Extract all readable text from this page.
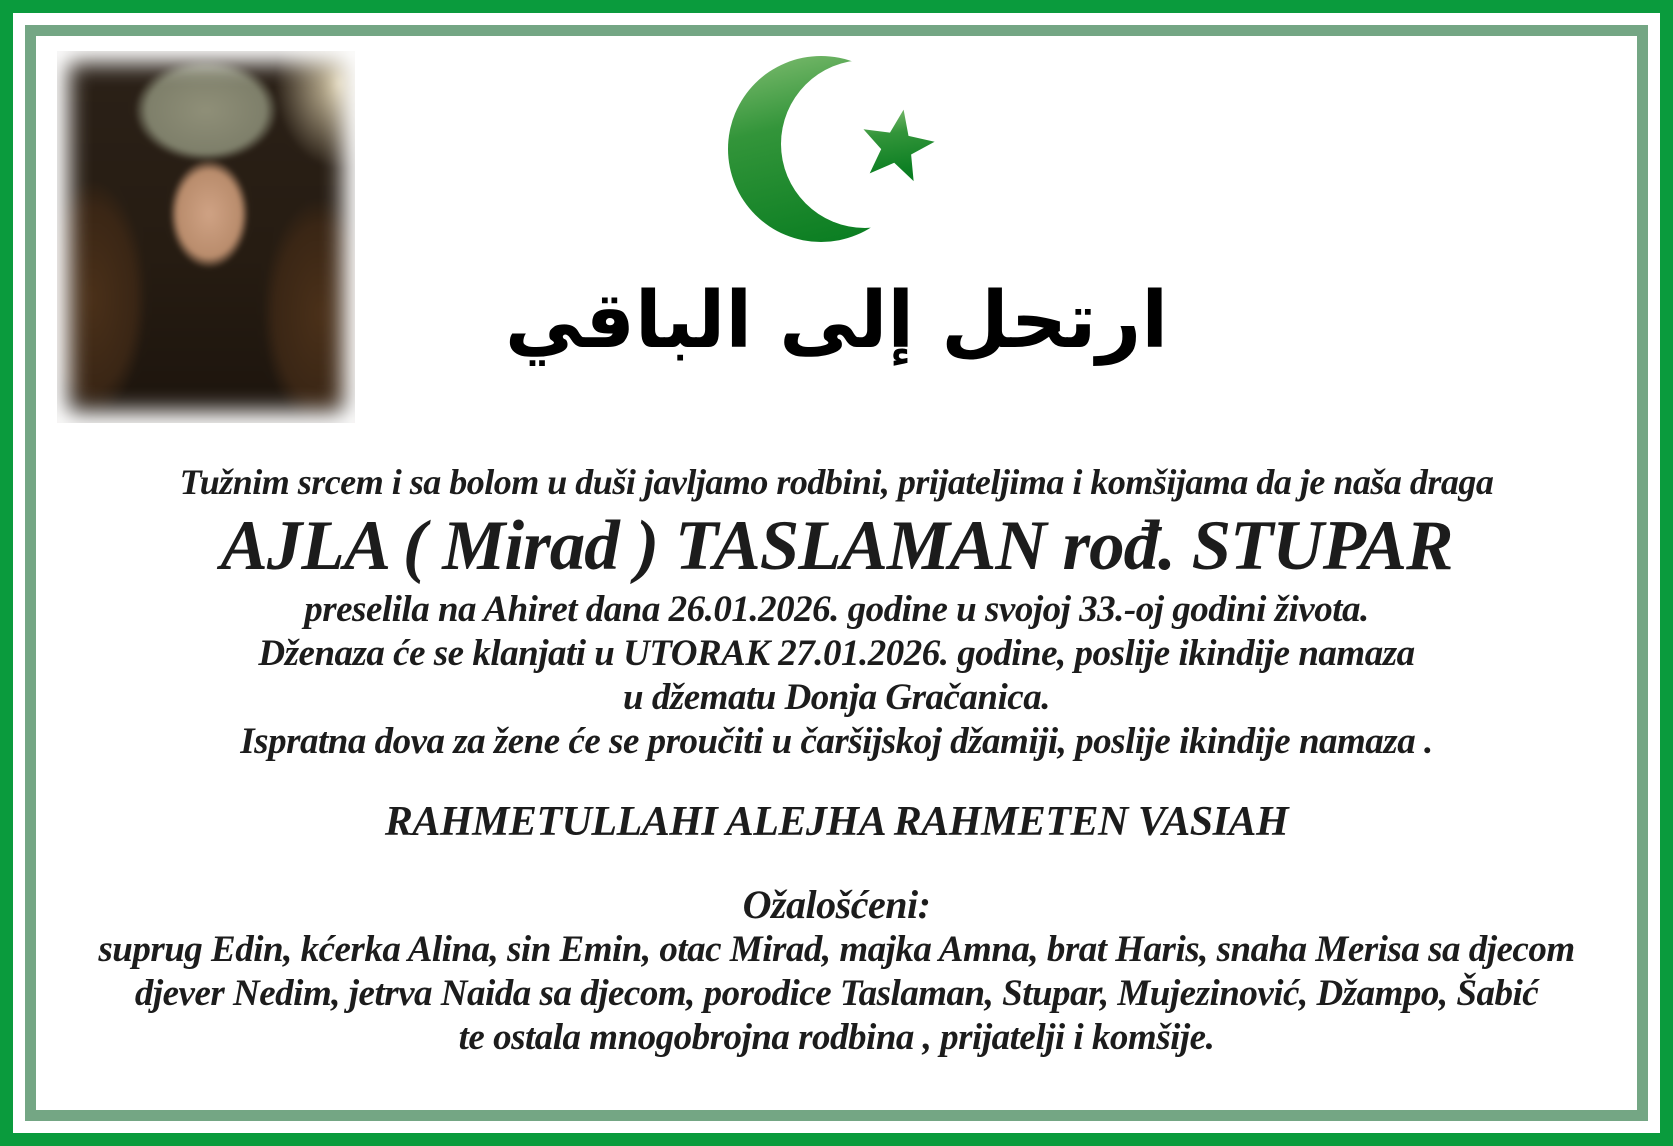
ارتحل إلى الباقي
Tužnim srcem i sa bolom u duši javljamo rodbini, prijateljima i komšijama da je naša draga
AJLA ( Mirad ) TASLAMAN rođ. STUPAR
preselila na Ahiret dana 26.01.2026. godine u svojoj 33.-oj godini života.
Dženaza će se klanjati u UTORAK 27.01.2026. godine, poslije ikindije namaza
u džematu Donja Gračanica.
Ispratna dova za žene će se proučiti u čaršijskoj džamiji, poslije ikindije namaza .
RAHMETULLAHI ALEJHA RAHMETEN VASIAH
Ožalošćeni:
suprug Edin, kćerka Alina, sin Emin, otac Mirad, majka Amna, brat Haris, snaha Merisa sa djecom
djever Nedim, jetrva Naida sa djecom, porodice Taslaman, Stupar, Mujezinović, Džampo, Šabić
te ostala mnogobrojna rodbina , prijatelji i komšije.
